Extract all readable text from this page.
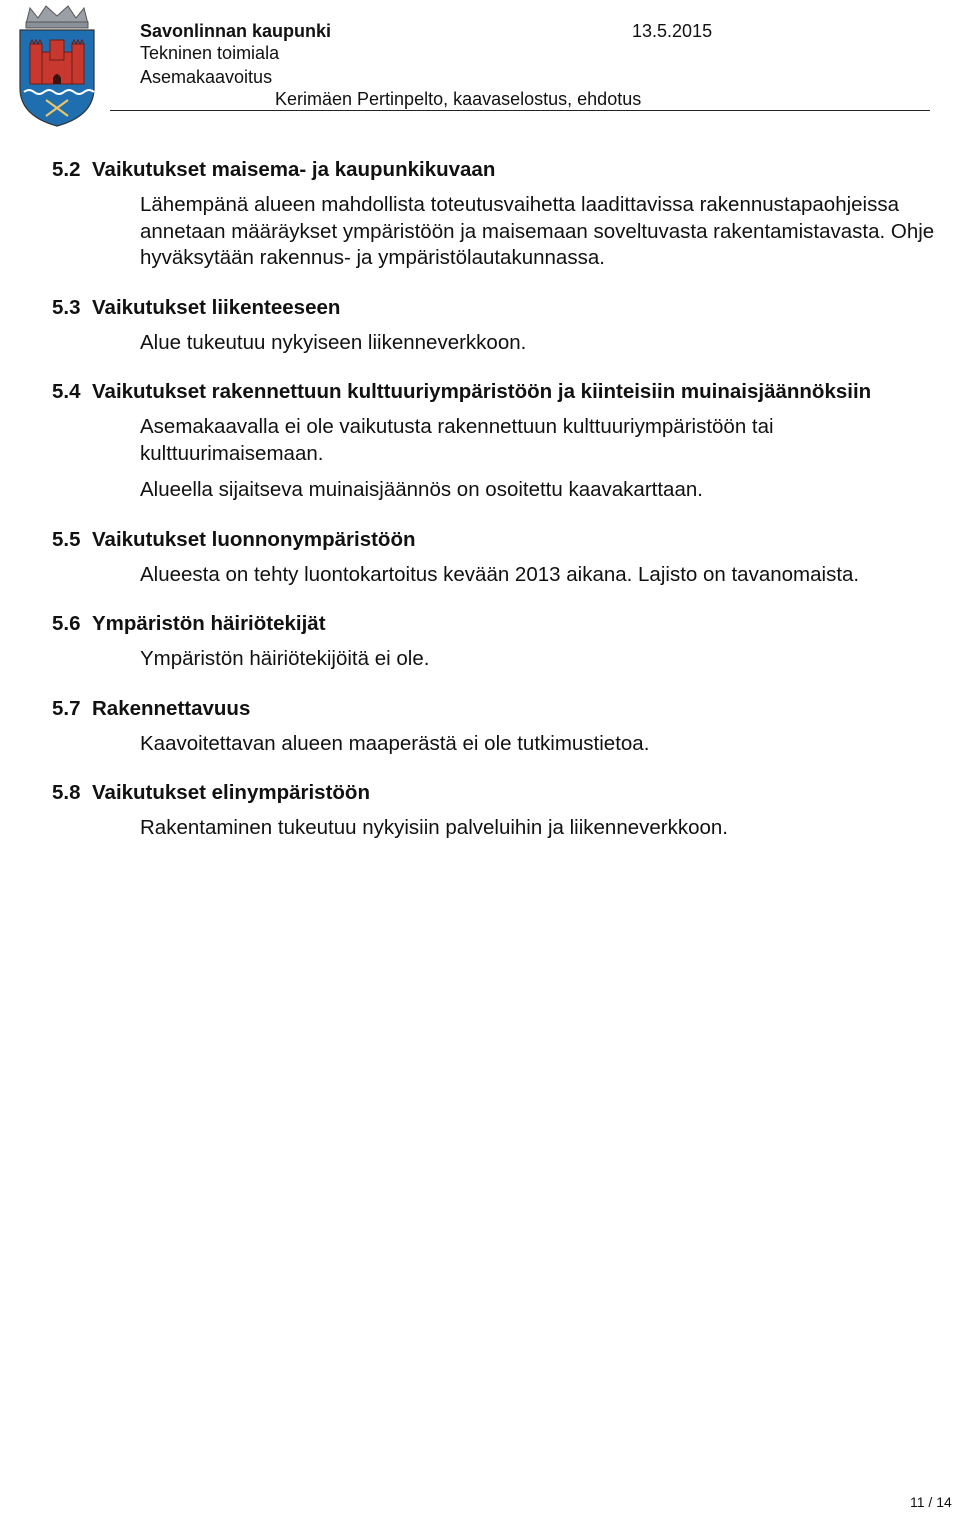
Savonlinnan kaupunki	13.5.2015
Tekninen toimiala
Asemakaavoitus
Kerimäen Pertinpelto, kaavaselostus, ehdotus
5.2 Vaikutukset maisema- ja kaupunkikuvaan

Lähempänä alueen mahdollista toteutusvaihetta laadittavissa rakennustapaohjeissa annetaan määräykset ympäristöön ja maisemaan soveltuvasta rakentamistavasta. Ohje hyväksytään rakennus- ja ympäristölautakunnassa.

5.3 Vaikutukset liikenteeseen

Alue tukeutuu nykyiseen liikenneverkkoon.

5.4 Vaikutukset rakennettuun kulttuuriympäristöön ja kiinteisiin muinaisjäännöksiin

Asemakaavalla ei ole vaikutusta rakennettuun kulttuuriympäristöön tai kulttuurimaisemaan.

Alueella sijaitseva muinaisjäännös on osoitettu kaavakarttaan.

5.5 Vaikutukset luonnonympäristöön

Alueesta on tehty luontokartoitus kevään 2013 aikana. Lajisto on tavanomaista.

5.6 Ympäristön häiriötekijät

Ympäristön häiriötekijöitä ei ole.

5.7 Rakennettavuus

Kaavoitettavan alueen maaperästä ei ole tutkimustietoa.

5.8 Vaikutukset elinympäristöön

Rakentaminen tukeutuu nykyisiin palveluihin ja liikenneverkkoon.

11 / 14
